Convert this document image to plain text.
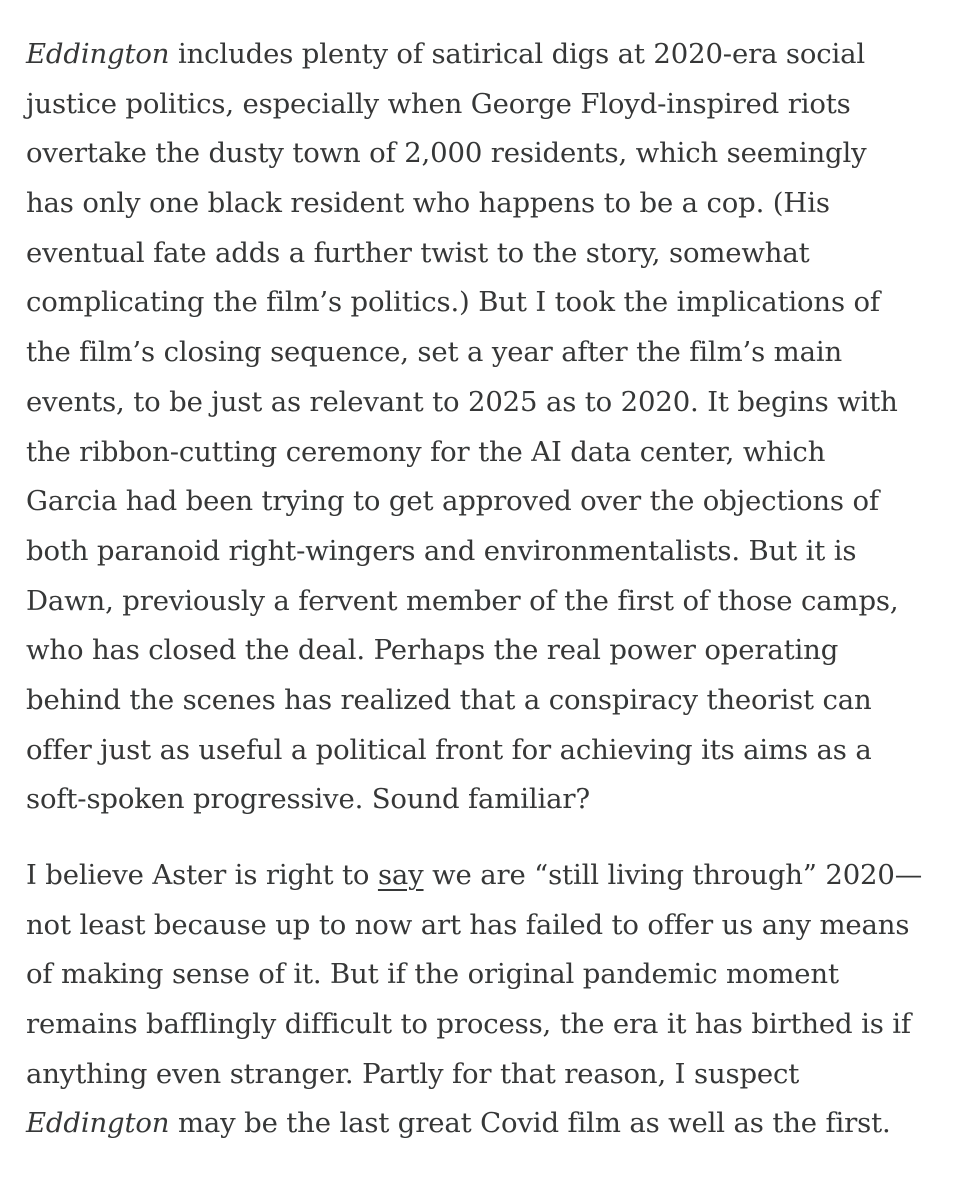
Eddington includes plenty of satirical digs at 2020-era social
justice politics, especially when George Floyd-inspired riots
overtake the dusty town of 2,000 residents, which seemingly
has only one black resident who happens to be a cop. (His
eventual fate adds a further twist to the story, somewhat
complicating the film’s politics.) But I took the implications of
the film’s closing sequence, set a year after the film’s main
events, to be just as relevant to 2025 as to 2020. It begins with
the ribbon-cutting ceremony for the AI data center, which
Garcia had been trying to get approved over the objections of
both paranoid right-wingers and environmentalists. But it is
Dawn, previously a fervent member of the first of those camps,
who has closed the deal. Perhaps the real power operating
behind the scenes has realized that a conspiracy theorist can
offer just as useful a political front for achieving its aims as a
soft-spoken progressive. Sound familiar?

I believe Aster is right to say we are “still living through” 2020—
not least because up to now art has failed to offer us any means
of making sense of it. But if the original pandemic moment
remains bafflingly difficult to process, the era it has birthed is if
anything even stranger. Partly for that reason, I suspect
Eddington may be the last great Covid film as well as the first.
